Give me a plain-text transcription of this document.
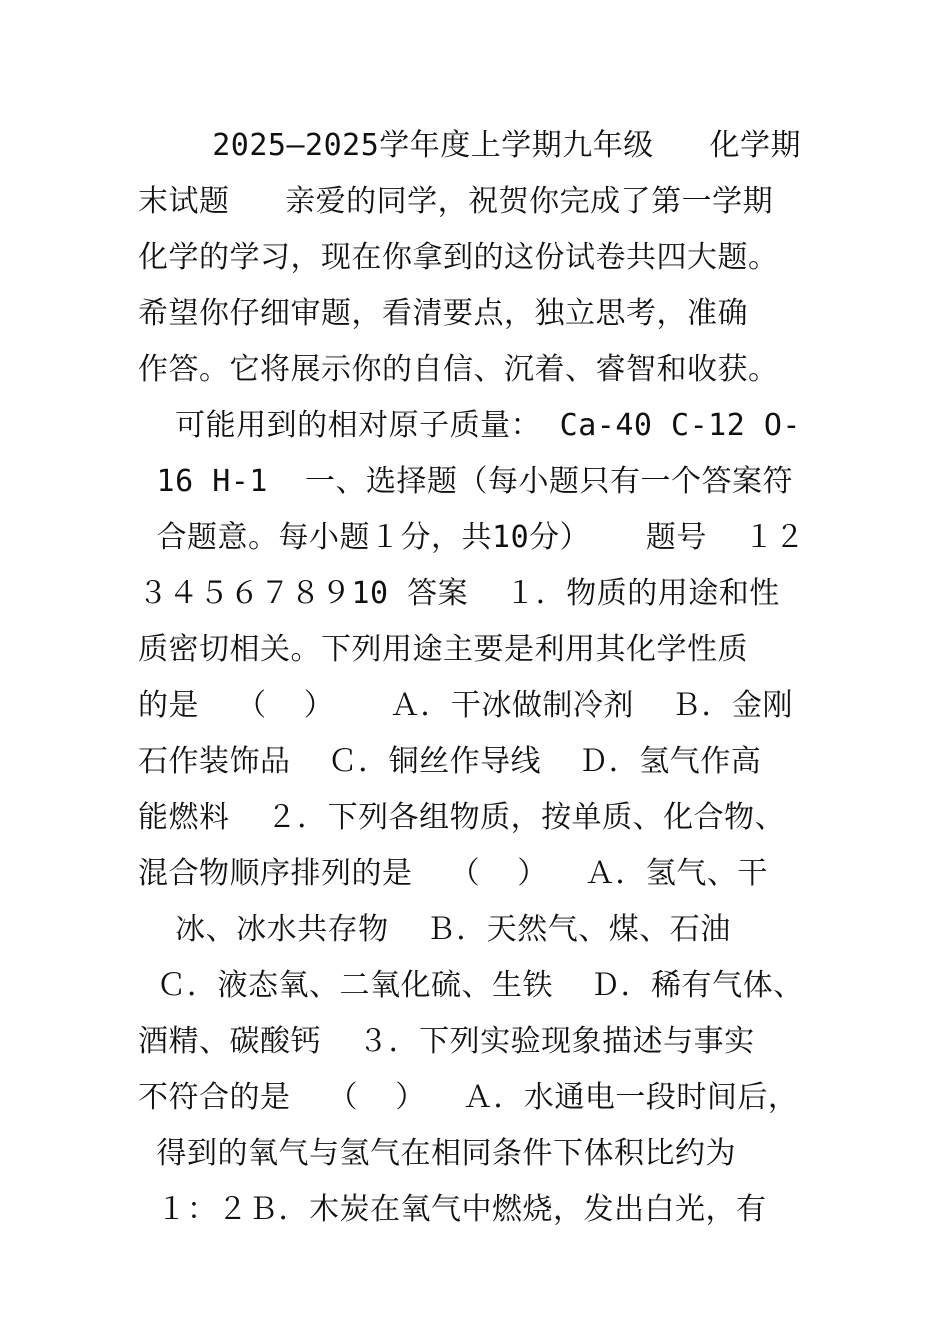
2025—2025学年度上学期九年级   化学期
末试题   亲爱的同学，祝贺你完成了第一学期
化学的学习，现在你拿到的这份试卷共四大题。
希望你仔细审题，看清要点，独立思考，准确
作答。它将展示你的自信、沉着、睿智和收获。
可能用到的相对原子质量： Ca-40 C-12 O-
16 H-1  一、选择题（每小题只有一个答案符
合题意。每小题１分，共10分）   题号  １２
３４５６７８９10 答案  １．物质的用途和性
质密切相关。下列用途主要是利用其化学性质
的是  （  ）   Ａ．干冰做制冷剂  Ｂ．金刚
石作装饰品  Ｃ．铜丝作导线  Ｄ．氢气作高
能燃料  ２．下列各组物质，按单质、化合物、
混合物顺序排列的是  （  ）  Ａ．氢气、干
冰、冰水共存物  Ｂ．天然气、煤、石油
Ｃ．液态氧、二氧化硫、生铁  Ｄ．稀有气体、
酒精、碳酸钙  ３．下列实验现象描述与事实
不符合的是  （  ）  Ａ．水通电一段时间后，
得到的氧气与氢气在相同条件下体积比约为
１：２Ｂ．木炭在氧气中燃烧，发出白光，有
